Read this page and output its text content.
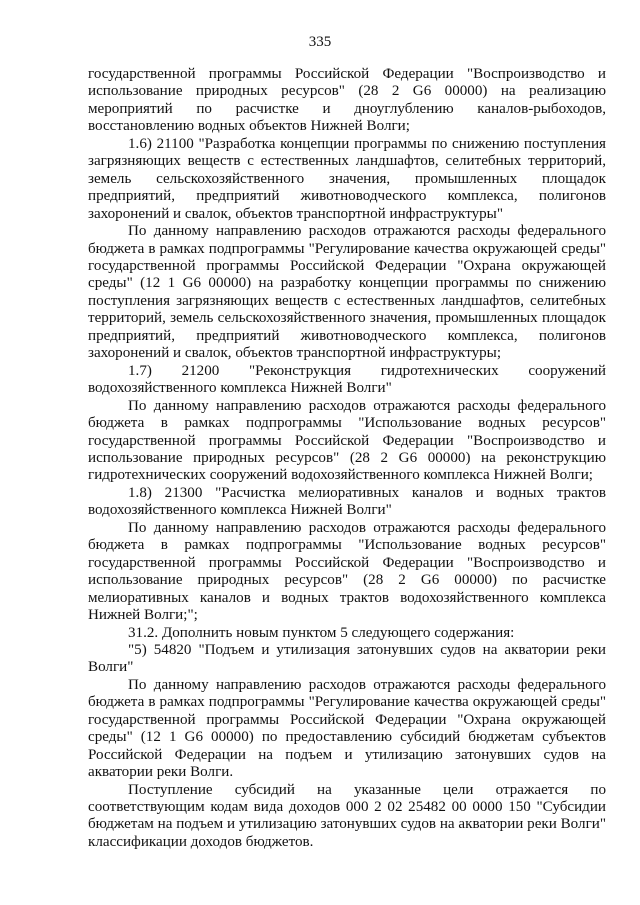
335

государственной программы Российской Федерации "Воспроизводство и использование природных ресурсов" (28 2 G6 00000) на реализацию мероприятий по расчистке и дноуглублению каналов-рыбоходов, восстановлению водных объектов Нижней Волги;

1.6) 21100 "Разработка концепции программы по снижению поступления загрязняющих веществ с естественных ландшафтов, селитебных территорий, земель сельскохозяйственного значения, промышленных площадок предприятий, предприятий животноводческого комплекса, полигонов захоронений и свалок, объектов транспортной инфраструктуры"

По данному направлению расходов отражаются расходы федерального бюджета в рамках подпрограммы "Регулирование качества окружающей среды" государственной программы Российской Федерации "Охрана окружающей среды" (12 1 G6 00000) на разработку концепции программы по снижению поступления загрязняющих веществ с естественных ландшафтов, селитебных территорий, земель сельскохозяйственного значения, промышленных площадок предприятий, предприятий животноводческого комплекса, полигонов захоронений и свалок, объектов транспортной инфраструктуры;

1.7) 21200 "Реконструкция гидротехнических сооружений водохозяйственного комплекса Нижней Волги"

По данному направлению расходов отражаются расходы федерального бюджета в рамках подпрограммы "Использование водных ресурсов" государственной программы Российской Федерации "Воспроизводство и использование природных ресурсов" (28 2 G6 00000) на реконструкцию гидротехнических сооружений водохозяйственного комплекса Нижней Волги;

1.8) 21300 "Расчистка мелиоративных каналов и водных трактов водохозяйственного комплекса Нижней Волги"

По данному направлению расходов отражаются расходы федерального бюджета в рамках подпрограммы "Использование водных ресурсов" государственной программы Российской Федерации "Воспроизводство и использование природных ресурсов" (28 2 G6 00000) по расчистке мелиоративных каналов и водных трактов водохозяйственного комплекса Нижней Волги;";

31.2. Дополнить новым пунктом 5 следующего содержания:

"5) 54820 "Подъем и утилизация затонувших судов на акватории реки Волги"

По данному направлению расходов отражаются расходы федерального бюджета в рамках подпрограммы "Регулирование качества окружающей среды" государственной программы Российской Федерации "Охрана окружающей среды" (12 1 G6 00000) по предоставлению субсидий бюджетам субъектов Российской Федерации на подъем и утилизацию затонувших судов на акватории реки Волги.

Поступление субсидий на указанные цели отражается по соответствующим кодам вида доходов 000 2 02 25482 00 0000 150 "Субсидии бюджетам на подъем и утилизацию затонувших судов на акватории реки Волги" классификации доходов бюджетов.
